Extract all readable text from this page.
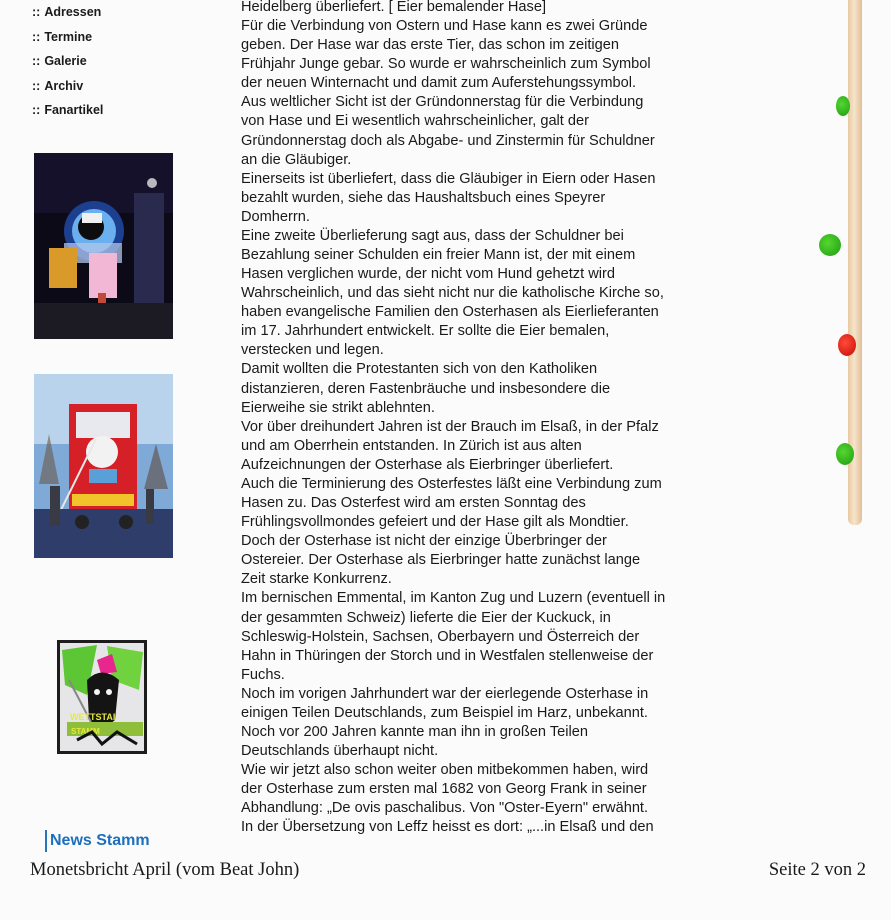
:: Adressen
:: Termine
:: Galerie
:: Archiv
:: Fanartikel
WETTSTAI
STAMM
News Stamm

Heidelberg überliefert. [ Eier bemalender Hase]

Für die Verbindung von Ostern und Hase kann es zwei Gründe

geben. Der Hase war das erste Tier, das schon im zeitigen

Frühjahr Junge gebar. So wurde er wahrscheinlich zum Symbol

der neuen Winternacht und damit zum Auferstehungssymbol.

Aus weltlicher Sicht ist der Gründonnerstag für die Verbindung

von Hase und Ei wesentlich wahrscheinlicher, galt der

Gründonnerstag doch als Abgabe- und Zinstermin für Schuldner

an die Gläubiger.

Einerseits ist überliefert, dass die Gläubiger in Eiern oder Hasen

bezahlt wurden, siehe das Haushaltsbuch eines Speyrer

Domherrn.

Eine zweite Überlieferung sagt aus, dass der Schuldner bei

Bezahlung seiner Schulden ein freier Mann ist, der mit einem

Hasen verglichen wurde, der nicht vom Hund gehetzt wird

Wahrscheinlich, und das sieht nicht nur die katholische Kirche so,

haben evangelische Familien den Osterhasen als Eierlieferanten

im 17. Jahrhundert entwickelt. Er sollte die Eier bemalen,

verstecken und legen.

Damit wollten die Protestanten sich von den Katholiken

distanzieren, deren Fastenbräuche und insbesondere die

Eierweihe sie strikt ablehnten.

Vor über dreihundert Jahren ist der Brauch im Elsaß, in der Pfalz

und am Oberrhein entstanden. In Zürich ist aus alten

Aufzeichnungen der Osterhase als Eierbringer überliefert.

Auch die Terminierung des Osterfestes läßt eine Verbindung zum

Hasen zu. Das Osterfest wird am ersten Sonntag des

Frühlingsvollmondes gefeiert und der Hase gilt als Mondtier.

Doch der Osterhase ist nicht der einzige Überbringer der

Ostereier. Der Osterhase als Eierbringer hatte zunächst lange

Zeit starke Konkurrenz.

Im bernischen Emmental, im Kanton Zug und Luzern (eventuell in

der gesammten Schweiz) lieferte die Eier der Kuckuck, in

Schleswig-Holstein, Sachsen, Oberbayern und Österreich der

Hahn in Thüringen der Storch und in Westfalen stellenweise der

Fuchs.

Noch im vorigen Jahrhundert war der eierlegende Osterhase in

einigen Teilen Deutschlands, zum Beispiel im Harz, unbekannt.

Noch vor 200 Jahren kannte man ihn in großen Teilen

Deutschlands überhaupt nicht.

Wie wir jetzt also schon weiter oben mitbekommen haben, wird

der Osterhase zum ersten mal 1682 von Georg Frank in seiner

Abhandlung: „De ovis paschalibus. Von "Oster-Eyern" erwähnt.

In der Übersetzung von Leffz heisst es dort: „...in Elsaß und den

Monetsbricht April (vom Beat John)	Seite 2 von 2
